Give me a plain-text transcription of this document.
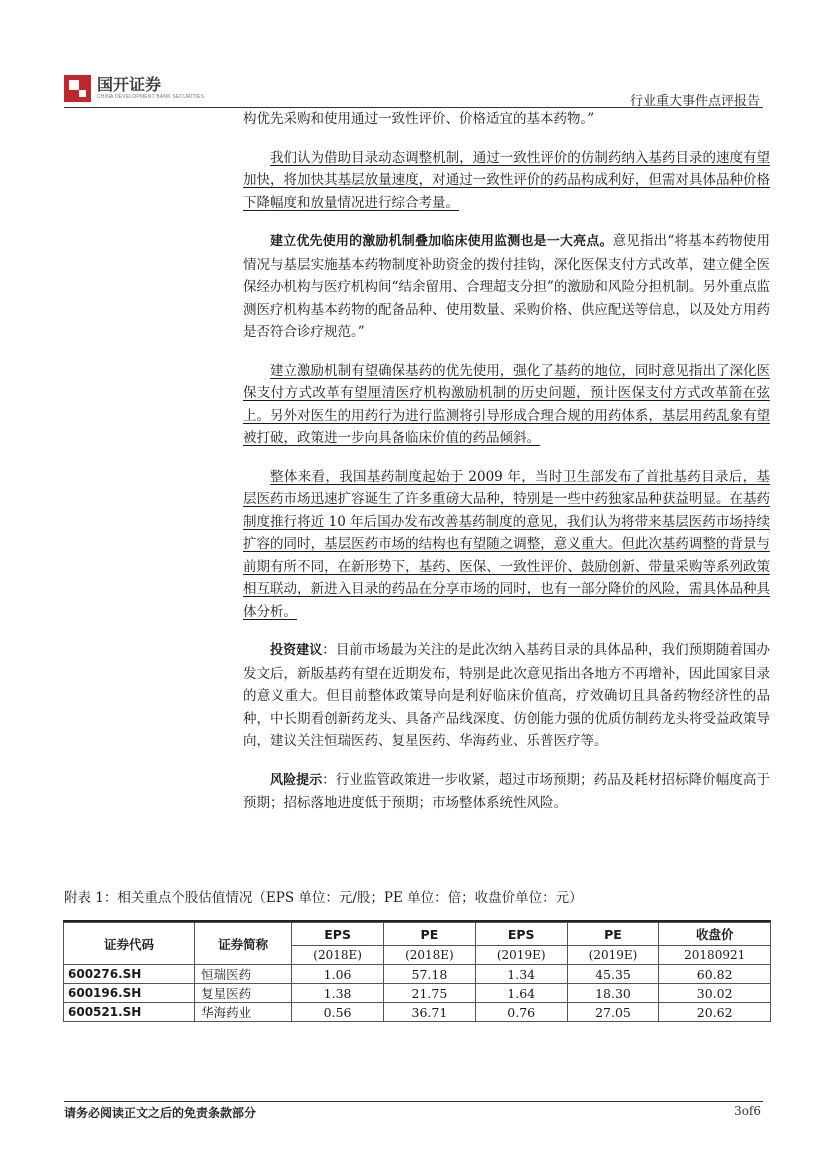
国开证券
CHINA DEVELOPMENT BANK SECURITIES	行业重大事件点评报告

构优先采购和使用通过一致性评价、价格适宜的基本药物。”

我们认为借助目录动态调整机制，通过一致性评价的仿制药纳入基药目录的速度有望加快，将加快其基层放量速度，对通过一致性评价的药品构成利好，但需对具体品种价格下降幅度和放量情况进行综合考量。

建立优先使用的激励机制叠加临床使用监测也是一大亮点。意见指出“将基本药物使用情况与基层实施基本药物制度补助资金的拨付挂钩，深化医保支付方式改革，建立健全医保经办机构与医疗机构间“结余留用、合理超支分担”的激励和风险分担机制。另外重点监测医疗机构基本药物的配备品种、使用数量、采购价格、供应配送等信息，以及处方用药是否符合诊疗规范。”

建立激励机制有望确保基药的优先使用，强化了基药的地位，同时意见指出了深化医保支付方式改革有望厘清医疗机构激励机制的历史问题，预计医保支付方式改革箭在弦上。另外对医生的用药行为进行监测将引导形成合理合规的用药体系，基层用药乱象有望被打破，政策进一步向具备临床价值的药品倾斜。

整体来看，我国基药制度起始于 2009 年，当时卫生部发布了首批基药目录后，基层医药市场迅速扩容诞生了许多重磅大品种，特别是一些中药独家品种获益明显。在基药制度推行将近 10 年后国办发布改善基药制度的意见，我们认为将带来基层医药市场持续扩容的同时，基层医药市场的结构也有望随之调整，意义重大。但此次基药调整的背景与前期有所不同，在新形势下，基药、医保、一致性评价、鼓励创新、带量采购等系列政策相互联动，新进入目录的药品在分享市场的同时，也有一部分降价的风险，需具体品种具体分析。

投资建议：目前市场最为关注的是此次纳入基药目录的具体品种，我们预期随着国办发文后，新版基药有望在近期发布，特别是此次意见指出各地方不再增补，因此国家目录的意义重大。但目前整体政策导向是利好临床价值高，疗效确切且具备药物经济性的品种，中长期看创新药龙头、具备产品线深度、仿创能力强的优质仿制药龙头将受益政策导向，建议关注恒瑞医药、复星医药、华海药业、乐普医疗等。

风险提示：行业监管政策进一步收紧，超过市场预期；药品及耗材招标降价幅度高于预期；招标落地进度低于预期；市场整体系统性风险。

附表 1：相关重点个股估值情况（EPS 单位：元/股；PE 单位：倍；收盘价单位：元）
证券代码	证券简称	EPS	PE	EPS	PE	收盘价
		(2018E)	(2018E)	(2019E)	(2019E)	20180921
600276.SH	恒瑞医药	1.06	57.18	1.34	45.35	60.82
600196.SH	复星医药	1.38	21.75	1.64	18.30	30.02
600521.SH	华海药业	0.56	36.71	0.76	27.05	20.62
请务必阅读正文之后的免责条款部分	3of6
